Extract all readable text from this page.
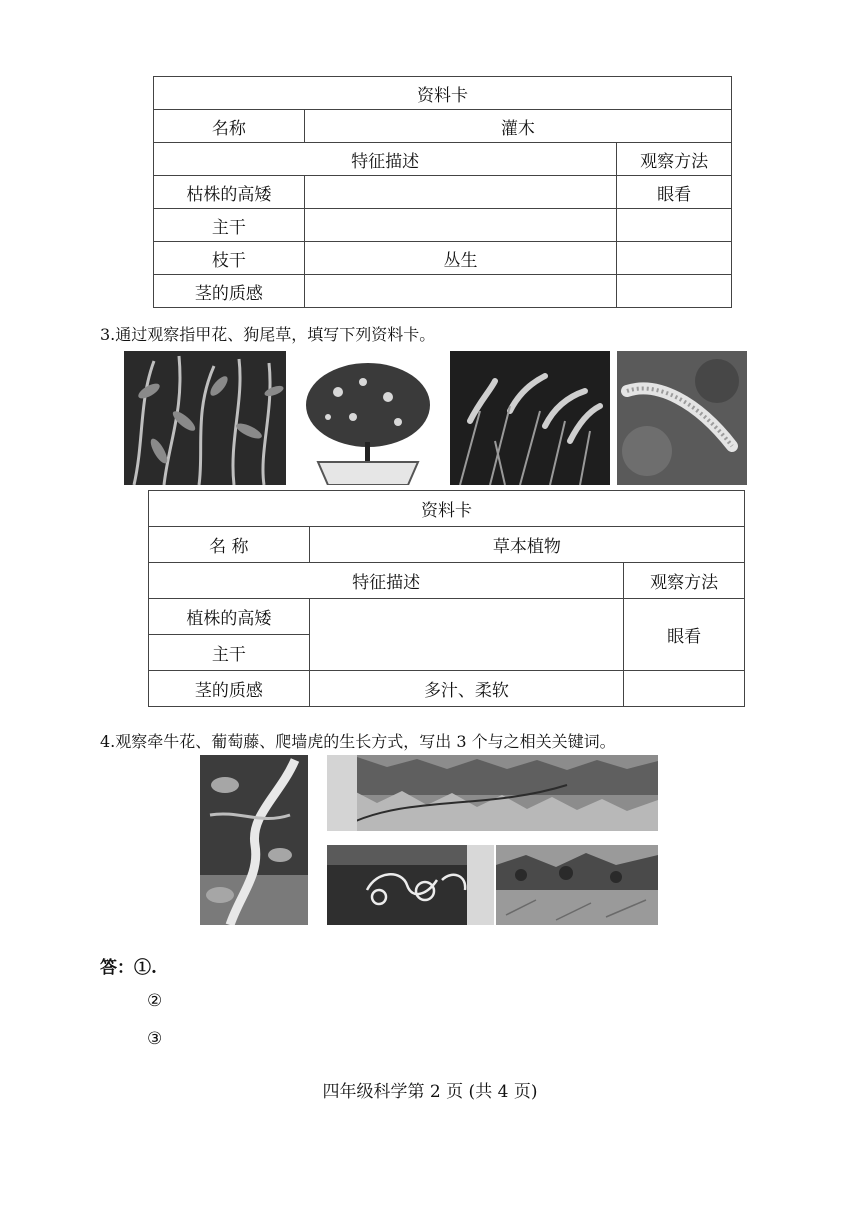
资料卡		
名称	灌木	
特征描述		观察方法
枯株的高矮		眼看
主干		
枝干	丛生	
茎的质感		
3.通过观察指甲花、狗尾草，填写下列资料卡。
资料卡		
名 称	草本植物	
特征描述		观察方法
植株的高矮		眼看
主干		
茎的质感	多汁、柔软	
4.观察牵牛花、葡萄藤、爬墙虎的生长方式，写出 3 个与之相关关键词。
答：①.
②
③
四年级科学第 2 页 (共 4 页)
